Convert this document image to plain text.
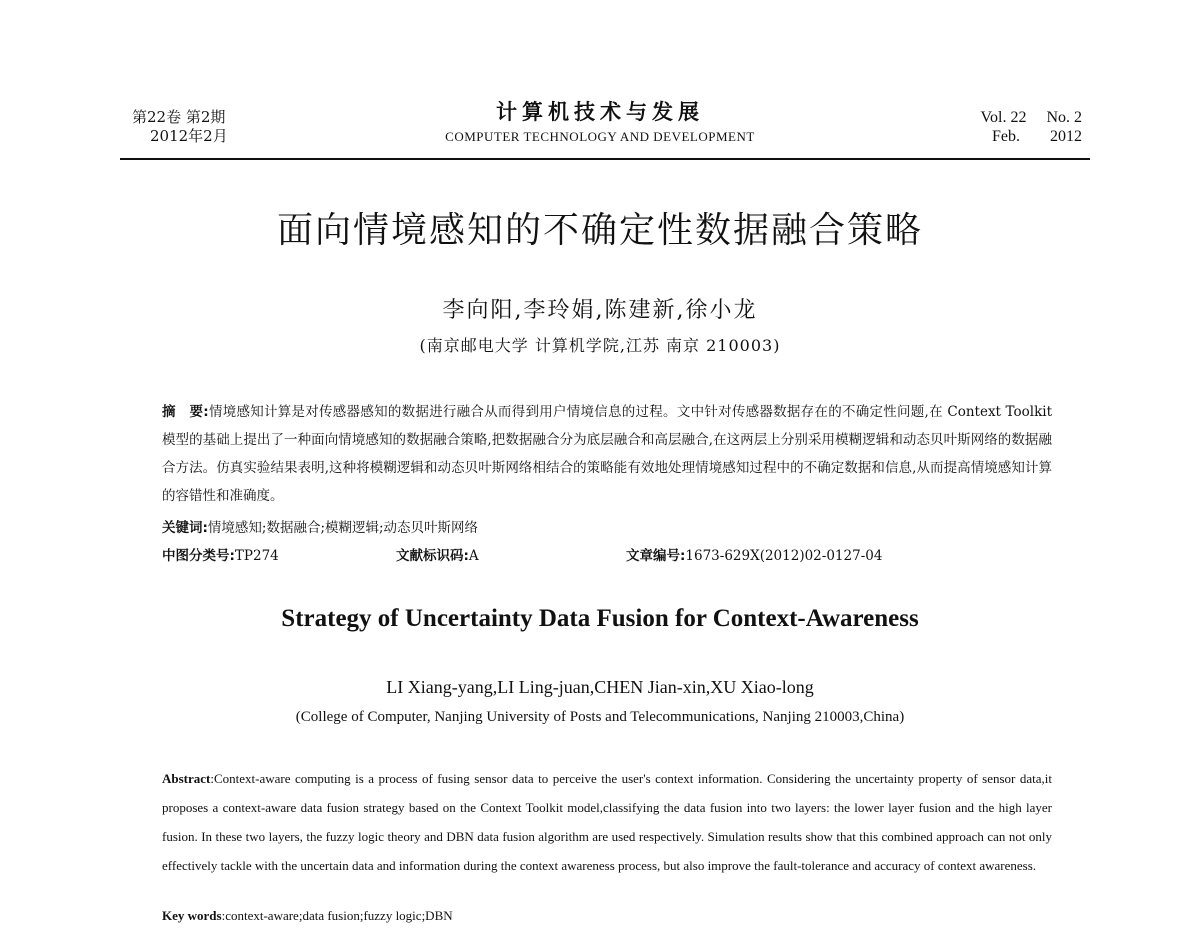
第22卷 第2期
2012年2月
计算机技术与发展
COMPUTER TECHNOLOGY AND DEVELOPMENT
Vol. 22 No. 2
Feb. 2012
面向情境感知的不确定性数据融合策略
李向阳,李玲娟,陈建新,徐小龙
(南京邮电大学 计算机学院,江苏 南京 210003)
摘　要:情境感知计算是对传感器感知的数据进行融合从而得到用户情境信息的过程。文中针对传感器数据存在的不确定性问题,在 Context Toolkit 模型的基础上提出了一种面向情境感知的数据融合策略,把数据融合分为底层融合和高层融合,在这两层上分别采用模糊逻辑和动态贝叶斯网络的数据融合方法。仿真实验结果表明,这种将模糊逻辑和动态贝叶斯网络相结合的策略能有效地处理情境感知过程中的不确定数据和信息,从而提高情境感知计算的容错性和准确度。
关键词:情境感知;数据融合;模糊逻辑;动态贝叶斯网络
中图分类号:TP274	文献标识码:A	文章编号:1673-629X(2012)02-0127-04
Strategy of Uncertainty Data Fusion for Context-Awareness
LI Xiang-yang,LI Ling-juan,CHEN Jian-xin,XU Xiao-long
(College of Computer, Nanjing University of Posts and Telecommunications, Nanjing 210003,China)
Abstract:Context-aware computing is a process of fusing sensor data to perceive the user's context information. Considering the uncertainty property of sensor data,it proposes a context-aware data fusion strategy based on the Context Toolkit model,classifying the data fusion into two layers: the lower layer fusion and the high layer fusion. In these two layers, the fuzzy logic theory and DBN data fusion algorithm are used respectively. Simulation results show that this combined approach can not only effectively tackle with the uncertain data and information during the context awareness process, but also improve the fault-tolerance and accuracy of context awareness.
Key words:context-aware;data fusion;fuzzy logic;DBN
